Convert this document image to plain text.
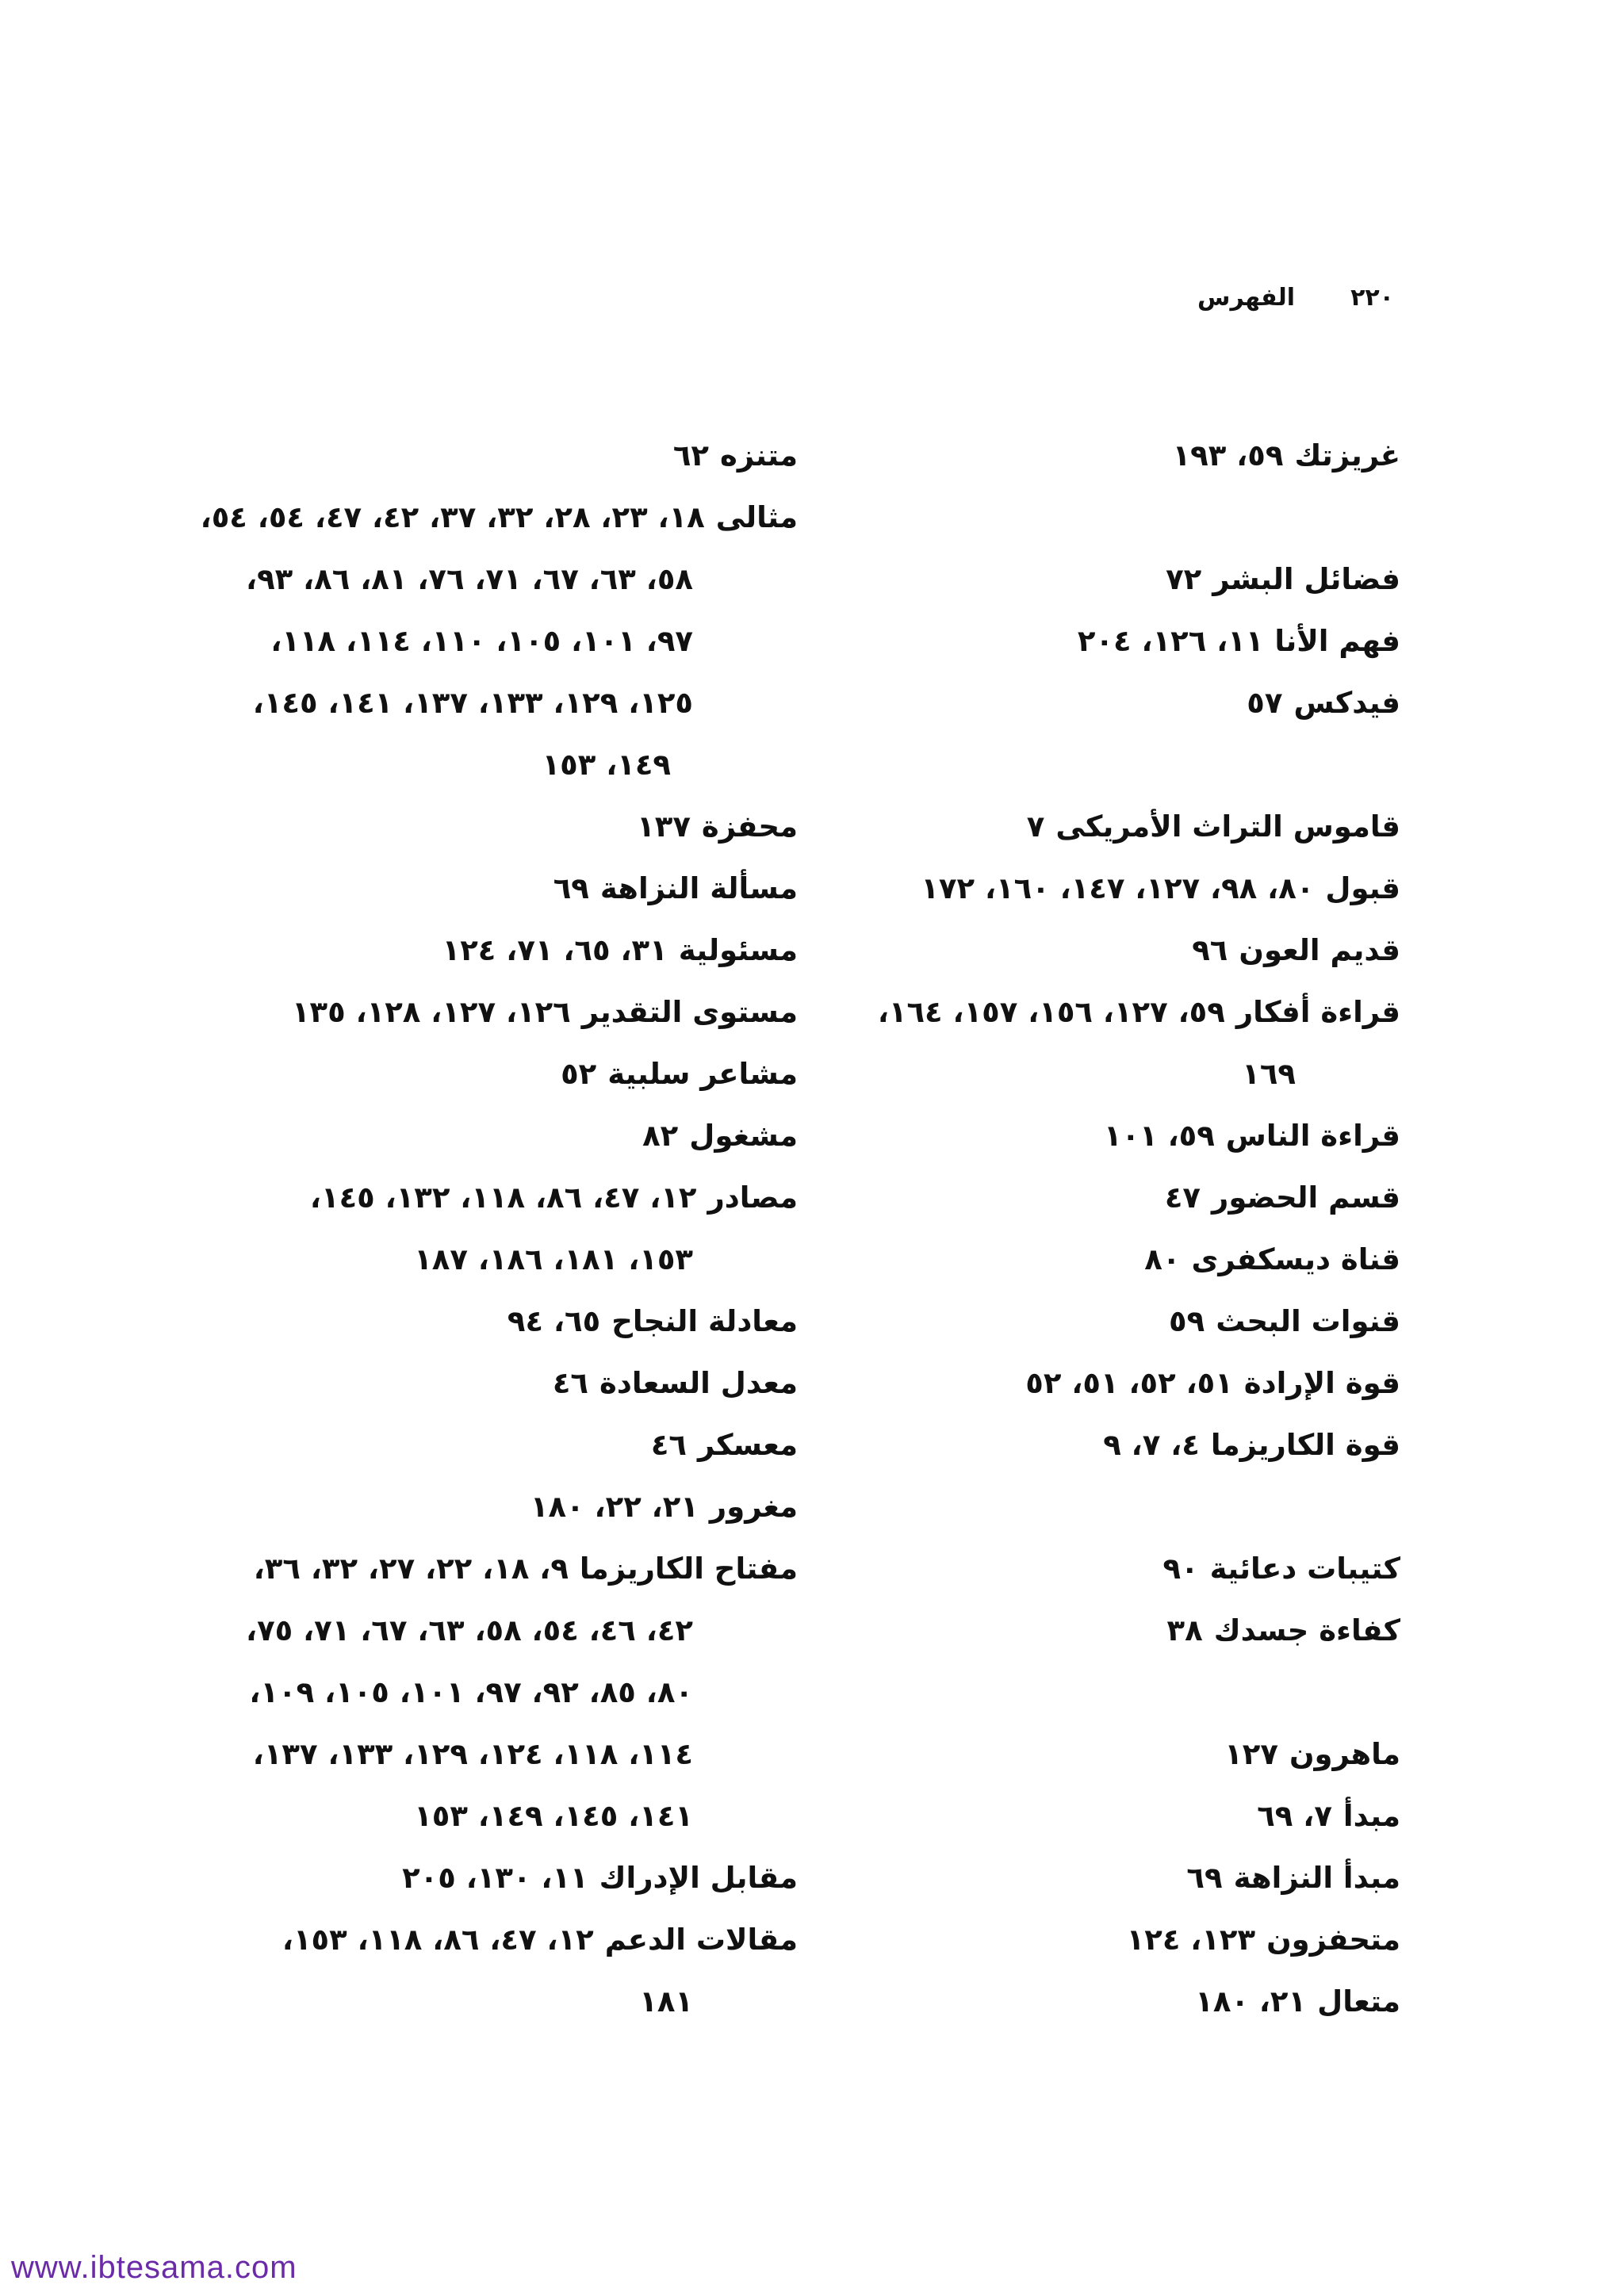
٢٢٠
الفهرس
غريزتك٥٩، ١٩٣
فضائل البشر٧٢
فهم الأنا١١، ١٢٦، ٢٠٤
فيدكس٥٧
قاموس التراث الأمريكى٧
قبول٨٠، ٩٨، ١٢٧، ١٤٧، ١٦٠، ١٧٢
قديم العون٩٦
قراءة أفكار٥٩، ١٢٧، ١٥٦، ١٥٧، ١٦٤،
١٦٩
قراءة الناس٥٩، ١٠١
قسم الحضور٤٧
قناة ديسكفرى٨٠
قنوات البحث٥٩
قوة الإرادة٥١، ٥٢، ٥١، ٥٢
قوة الكاريزما٤، ٧، ٩
كتيبات دعائية٩٠
كفاءة جسدك٣٨
ماهرون١٢٧
مبدأ٧، ٦٩
مبدأ النزاهة٦٩
متحفزون١٢٣، ١٢٤
متعال٢١، ١٨٠
متنزه٦٢
مثالى١٨، ٢٣، ٢٨، ٣٢، ٣٧، ٤٢، ٤٧، ٥٤، ٥٤،
٥٨، ٦٣، ٦٧، ٧١، ٧٦، ٨١، ٨٦، ٩٣،
٩٧، ١٠١، ١٠٥، ١١٠، ١١٤، ١١٨،
١٢٥، ١٢٩، ١٣٣، ١٣٧، ١٤١، ١٤٥،
١٤٩، ١٥٣
محفزة١٣٧
مسألة النزاهة٦٩
مسئولية٣١، ٦٥، ٧١، ١٢٤
مستوى التقدير١٢٦، ١٢٧، ١٢٨، ١٣٥
مشاعر سلبية٥٢
مشغول٨٢
مصادر١٢، ٤٧، ٨٦، ١١٨، ١٣٢، ١٤٥،
١٥٣، ١٨١، ١٨٦، ١٨٧
معادلة النجاح٦٥، ٩٤
معدل السعادة٤٦
معسكر٤٦
مغرور٢١، ٢٢، ١٨٠
مفتاح الكاريزما٩، ١٨، ٢٢، ٢٧، ٣٢، ٣٦،
٤٢، ٤٦، ٥٤، ٥٨، ٦٣، ٦٧، ٧١، ٧٥،
٨٠، ٨٥، ٩٢، ٩٧، ١٠١، ١٠٥، ١٠٩،
١١٤، ١١٨، ١٢٤، ١٢٩، ١٣٣، ١٣٧،
١٤١، ١٤٥، ١٤٩، ١٥٣
مقابل الإدراك١١، ١٣٠، ٢٠٥
مقالات الدعم١٢، ٤٧، ٨٦، ١١٨، ١٥٣،
١٨١
www.ibtesama.com
